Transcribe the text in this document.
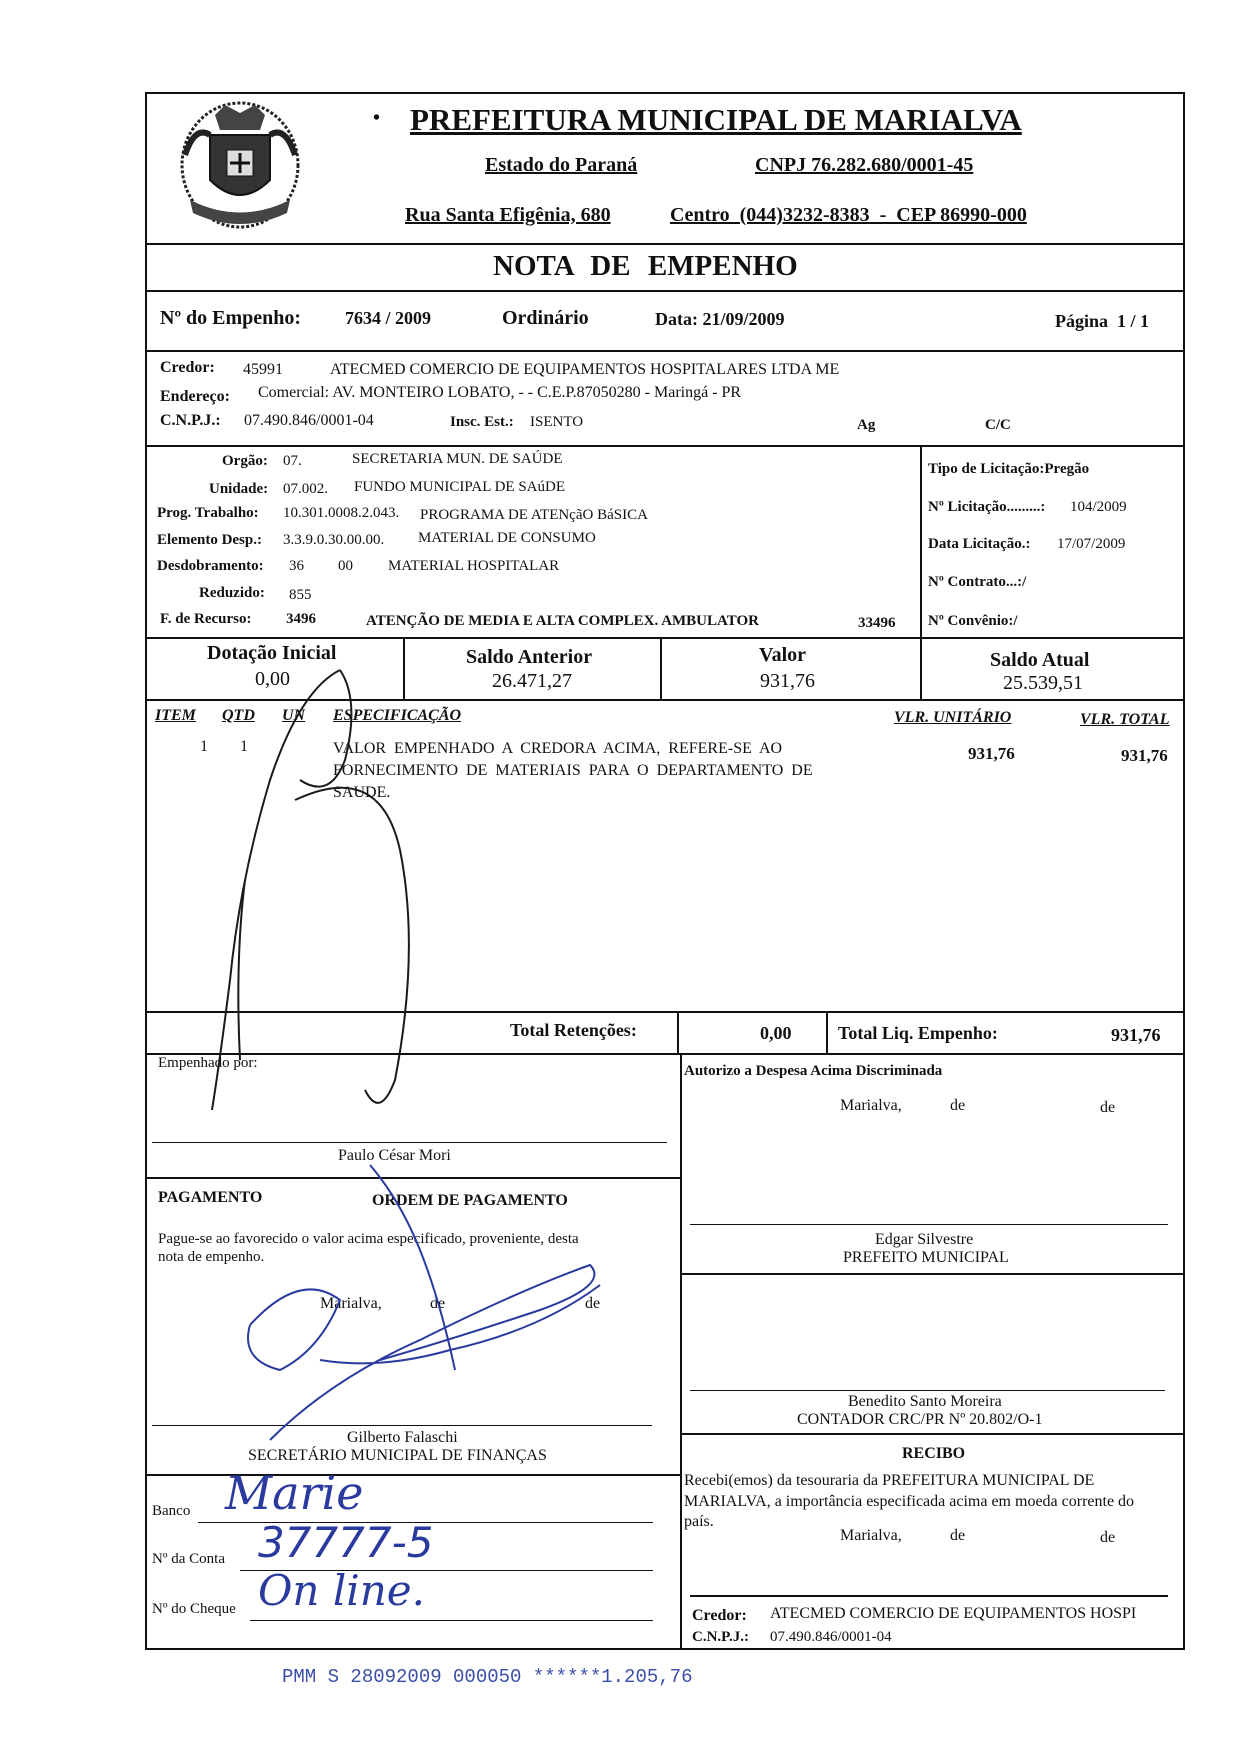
PREFEITURA MUNICIPAL DE MARIALVA
•
Estado do Paraná	CNPJ 76.282.680/0001-45
Rua Santa Efigênia, 680	Centro  (044)3232-8383  -  CEP 86990-000
NOTA DE EMPENHO
Nº do Empenho: 7634 / 2009	Ordinário	Data: 21/09/2009	Página  1 / 1
Credor: 45991	ATECMED COMERCIO DE EQUIPAMENTOS HOSPITALARES LTDA ME
Endereço: Comercial: AV. MONTEIRO LOBATO, - - C.E.P.87050280 - Maringá - PR
C.N.P.J.: 07.490.846/0001-04	Insc. Est.: ISENTO	Ag	C/C
Orgão: 07.	SECRETARIA MUN. DE SAÚDE
Unidade: 07.002. FUNDO MUNICIPAL DE SAúDE
Prog. Trabalho: 10.301.0008.2.043. PROGRAMA DE ATENçãO BáSICA
Elemento Desp.: 3.3.9.0.30.00.00. MATERIAL DE CONSUMO
Desdobramento: 36 00 MATERIAL HOSPITALAR
Reduzido: 855
F. de Recurso: 3496	ATENÇÃO DE MEDIA E ALTA COMPLEX. AMBULATOR	33496
Tipo de Licitação:Pregão
Nº Licitação.........: 104/2009
Data Licitação.: 17/07/2009
Nº Contrato...:/
Nº Convênio:/
Dotação Inicial
0,00
Saldo Anterior
26.471,27
Valor
931,76
Saldo Atual
25.539,51
ITEM QTD UN ESPECIFICAÇÃO	VLR. UNITÁRIO	VLR. TOTAL
1 1	VALOR  EMPENHADO  A  CREDORA  ACIMA,  REFERE-SE  AO
FORNECIMENTO  DE  MATERIAIS  PARA  O  DEPARTAMENTO  DE
SAUDE.
931,76	931,76
Total Retenções:	0,00	Total Liq. Empenho:	931,76
Empenhado por:
Paulo César Mori
Autorizo a Despesa Acima Discriminada
Marialva,	de	de
Edgar Silvestre
PREFEITO MUNICIPAL
Benedito Santo Moreira
CONTADOR CRC/PR Nº 20.802/O-1
PAGAMENTO	ORDEM DE PAGAMENTO
Pague-se ao favorecido o valor acima especificado, proveniente, desta
nota de empenho.
Marialva,	de	de
Gilberto Falaschi
SECRETÁRIO MUNICIPAL DE FINANÇAS
Banco Marie
Nº da Conta 37777-5
Nº do Cheque On line.
RECIBO
Recebi(emos) da tesouraria da PREFEITURA MUNICIPAL DE
MARIALVA, a importância especificada acima em moeda corrente do
país.
Marialva,	de	de
Credor: ATECMED COMERCIO DE EQUIPAMENTOS HOSPI
C.N.P.J.: 07.490.846/0001-04
PMM S 28092009 000050 ******1.205,76
